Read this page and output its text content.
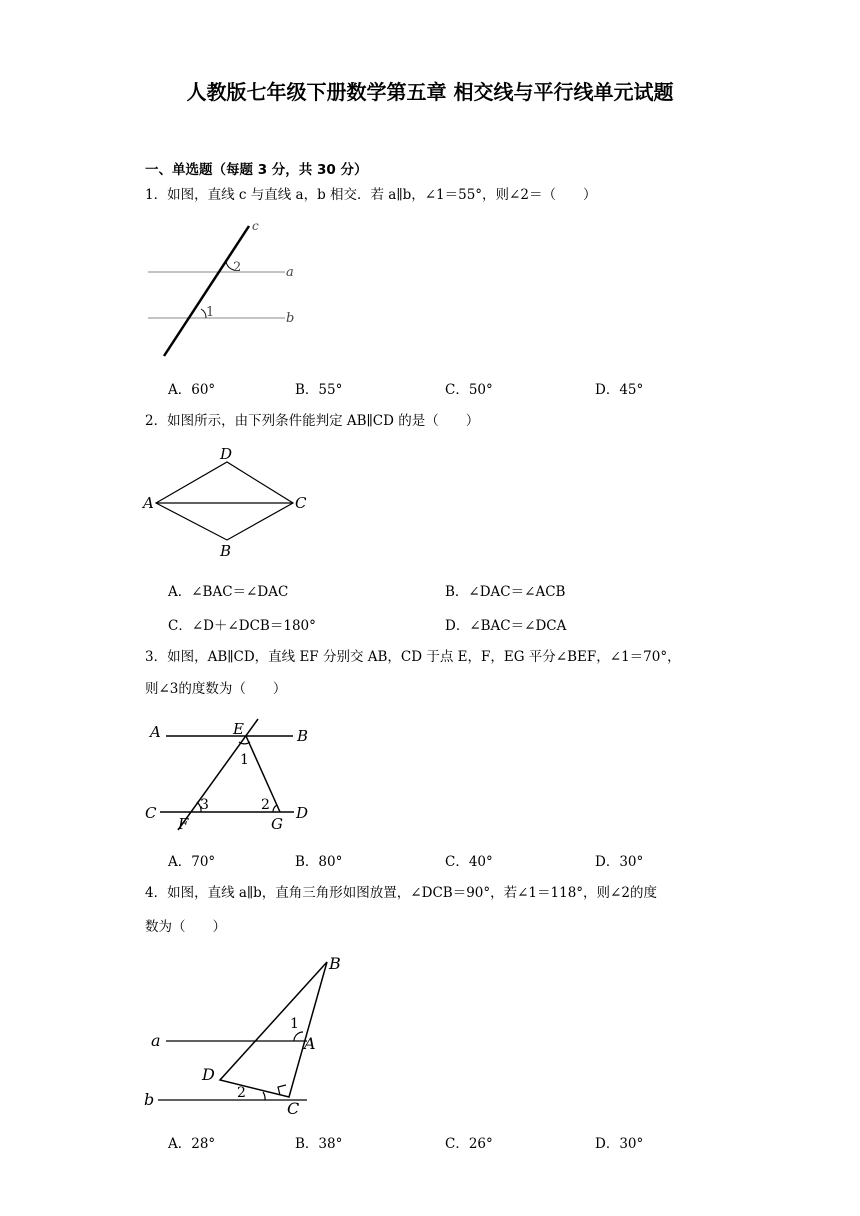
人教版七年级下册数学第五章 相交线与平行线单元试题
一、单选题（每题 3 分，共 30 分）
1．如图，直线 c 与直线 a，b 相交．若 a∥b，∠1＝55°，则∠2＝（　　）
c
2	a
1	b
A．60°	B．55°	C．50°	D．45°
2．如图所示，由下列条件能判定 AB∥CD 的是（　　）
D
A	C
B
A．∠BAC＝∠DAC	B．∠DAC＝∠ACB
C．∠D＋∠DCB＝180°	D．∠BAC＝∠DCA
3．如图，AB∥CD，直线 EF 分别交 AB，CD 于点 E，F，EG 平分∠BEF，∠1＝70°，
则∠3的度数为（　　）
A	E	B
1
3	2
C	D
F	G
A．70°	B．80°	C．40°	D．30°
4．如图，直线 a∥b，直角三角形如图放置，∠DCB＝90°，若∠1＝118°，则∠2的度
数为（　　）
B
1
a	A
D
2
b	C
A．28°	B．38°	C．26°	D．30°
